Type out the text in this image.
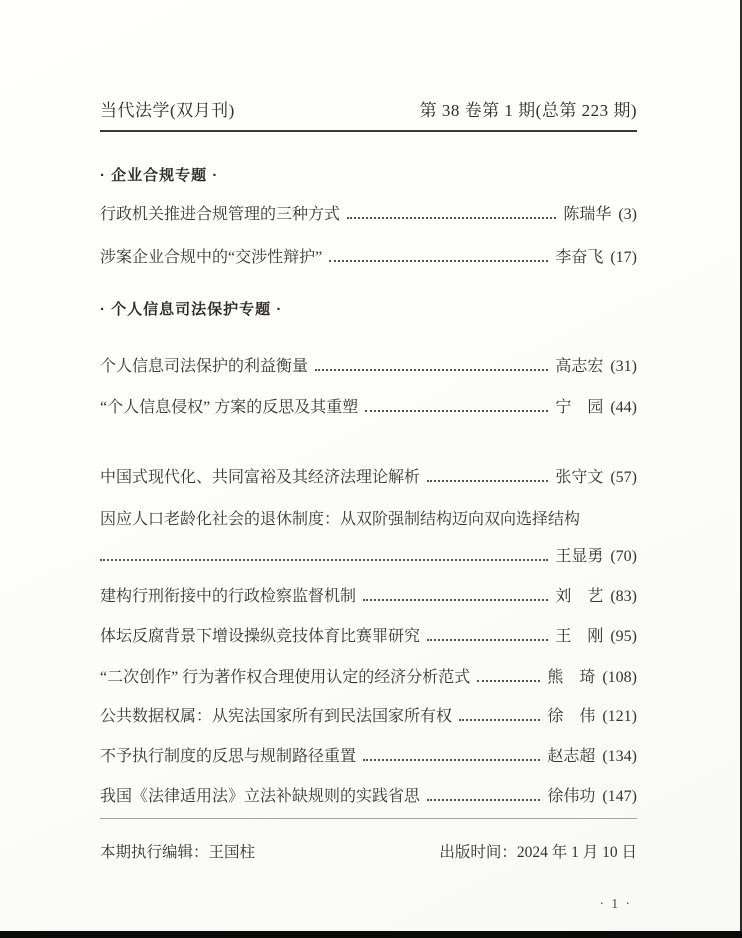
当代法学(双月刊)	第 38 卷第 1 期(总第 223 期)
· 企业合规专题 ·
行政机关推进合规管理的三种方式	陈瑞华 (3)
涉案企业合规中的“交涉性辩护”	李奋飞 (17)
· 个人信息司法保护专题 ·
个人信息司法保护的利益衡量	高志宏 (31)
“个人信息侵权” 方案的反思及其重塑	宁　园 (44)
中国式现代化、共同富裕及其经济法理论解析	张守文 (57)
因应人口老龄化社会的退休制度：从双阶强制结构迈向双向选择结构
王显勇 (70)
建构行刑衔接中的行政检察监督机制	刘　艺 (83)
体坛反腐背景下增设操纵竞技体育比赛罪研究	王　刚 (95)
“二次创作” 行为著作权合理使用认定的经济分析范式	熊　琦 (108)
公共数据权属：从宪法国家所有到民法国家所有权	徐　伟 (121)
不予执行制度的反思与规制路径重置	赵志超 (134)
我国《法律适用法》立法补缺规则的实践省思	徐伟功 (147)
本期执行编辑：王国柱	出版时间：2024 年 1 月 10 日
· 1 ·
